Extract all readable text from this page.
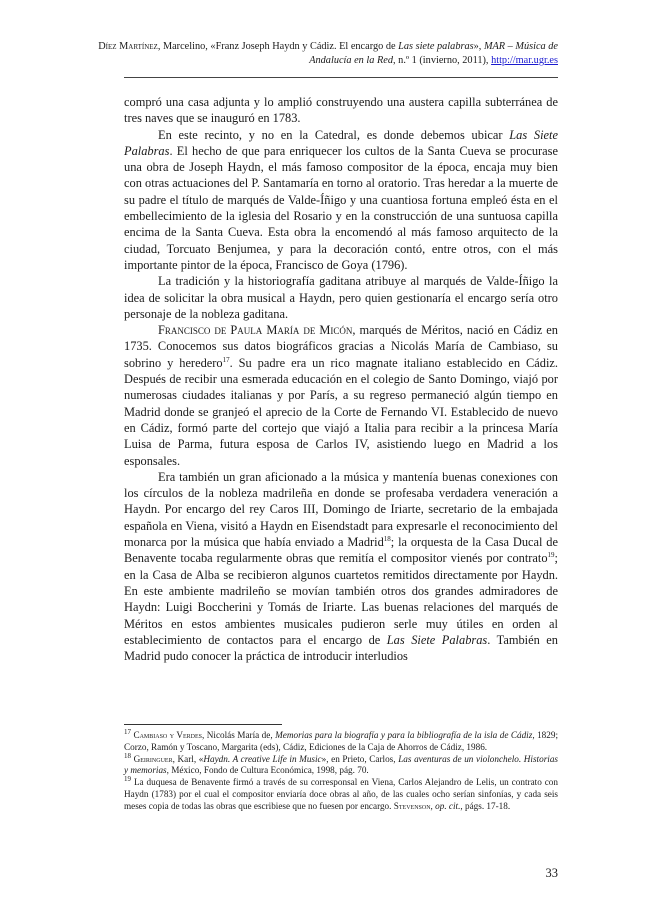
Díez Martínez, Marcelino, «Franz Joseph Haydn y Cádiz. El encargo de Las siete palabras», MAR – Música de Andalucía en la Red, n.º 1 (invierno, 2011), http://mar.ugr.es

compró una casa adjunta y lo amplió construyendo una austera capilla subterránea de tres naves que se inauguró en 1783.

En este recinto, y no en la Catedral, es donde debemos ubicar Las Siete Palabras. El hecho de que para enriquecer los cultos de la Santa Cueva se procurase una obra de Joseph Haydn, el más famoso compositor de la época, encaja muy bien con otras actuaciones del P. Santamaría en torno al oratorio. Tras heredar a la muerte de su padre el título de marqués de Valde-Íñigo y una cuantiosa fortuna empleó ésta en el embellecimiento de la iglesia del Rosario y en la construcción de una suntuosa capilla encima de la Santa Cueva. Esta obra la encomendó al más famoso arquitecto de la ciudad, Torcuato Benjumea, y para la decoración contó, entre otros, con el más importante pintor de la época, Francisco de Goya (1796).

La tradición y la historiografía gaditana atribuye al marqués de Valde-Íñigo la idea de solicitar la obra musical a Haydn, pero quien gestionaría el encargo sería otro personaje de la nobleza gaditana.

Francisco de Paula María de Micón, marqués de Méritos, nació en Cádiz en 1735. Conocemos sus datos biográficos gracias a Nicolás María de Cambiaso, su sobrino y heredero$^{17}$. Su padre era un rico magnate italiano establecido en Cádiz. Después de recibir una esmerada educación en el colegio de Santo Domingo, viajó por numerosas ciudades italianas y por París, a su regreso permaneció algún tiempo en Madrid donde se granjeó el aprecio de la Corte de Fernando VI. Establecido de nuevo en Cádiz, formó parte del cortejo que viajó a Italia para recibir a la princesa María Luisa de Parma, futura esposa de Carlos IV, asistiendo luego en Madrid a los esponsales.

Era también un gran aficionado a la música y mantenía buenas conexiones con los círculos de la nobleza madrileña en donde se profesaba verdadera veneración a Haydn. Por encargo del rey Caros III, Domingo de Iriarte, secretario de la embajada española en Viena, visitó a Haydn en Eisendstadt para expresarle el reconocimiento del monarca por la música que había enviado a Madrid$^{18}$; la orquesta de la Casa Ducal de Benavente tocaba regularmente obras que remitía el compositor vienés por contrato$^{19}$; en la Casa de Alba se recibieron algunos cuartetos remitidos directamente por Haydn. En este ambiente madrileño se movían también otros dos grandes admiradores de Haydn: Luigi Boccherini y Tomás de Iriarte. Las buenas relaciones del marqués de Méritos en estos ambientes musicales pudieron serle muy útiles en orden al establecimiento de contactos para el encargo de Las Siete Palabras. También en Madrid pudo conocer la práctica de introducir interludios

$^{17}$ Cambiaso y Verdes, Nicolás María de, Memorias para la biografía y para la bibliografía de la isla de Cádiz, 1829; Corzo, Ramón y Toscano, Margarita (eds), Cádiz, Ediciones de la Caja de Ahorros de Cádiz, 1986.

$^{18}$ Geiringuer, Karl, «Haydn. A creative Life in Music», en Prieto, Carlos, Las aventuras de un violonchelo. Historias y memorias, México, Fondo de Cultura Económica, 1998, pág. 70.

$^{19}$ La duquesa de Benavente firmó a través de su corresponsal en Viena, Carlos Alejandro de Lelis, un contrato con Haydn (1783) por el cual el compositor enviaría doce obras al año, de las cuales ocho serían sinfonías, y cada seis meses copia de todas las obras que escribiese que no fuesen por encargo. Stevenson, op. cit., págs. 17-18.

33
